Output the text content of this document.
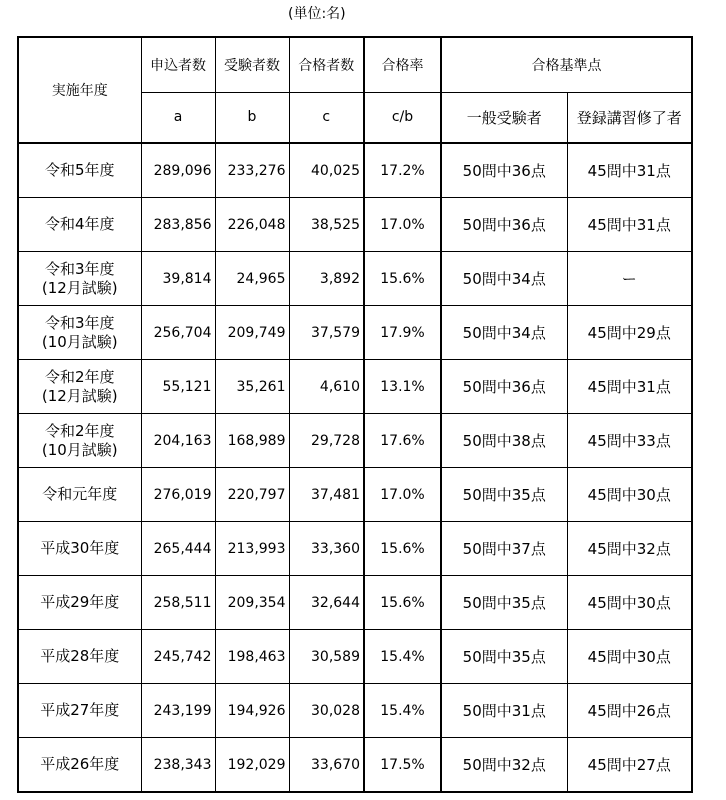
(単位:名)
実施年度	申込者数	受験者数	合格者数	合格率	合格基準点	
	a	b	c	c/b	一般受験者	登録講習修了者

令和5年度	289,096	233,276	40,025	17.2%	50問中36点	45問中31点

令和4年度	283,856	226,048	38,525	17.0%	50問中36点	45問中31点

令和3年度
(12月試験)	39,814	24,965	3,892	15.6%	50問中34点	ー

令和3年度
(10月試験)	256,704	209,749	37,579	17.9%	50問中34点	45問中29点

令和2年度
(12月試験)	55,121	35,261	4,610	13.1%	50問中36点	45問中31点

令和2年度
(10月試験)	204,163	168,989	29,728	17.6%	50問中38点	45問中33点

令和元年度	276,019	220,797	37,481	17.0%	50問中35点	45問中30点

平成30年度	265,444	213,993	33,360	15.6%	50問中37点	45問中32点

平成29年度	258,511	209,354	32,644	15.6%	50問中35点	45問中30点

平成28年度	245,742	198,463	30,589	15.4%	50問中35点	45問中30点

平成27年度	243,199	194,926	30,028	15.4%	50問中31点	45問中26点

平成26年度	238,343	192,029	33,670	17.5%	50問中32点	45問中27点
